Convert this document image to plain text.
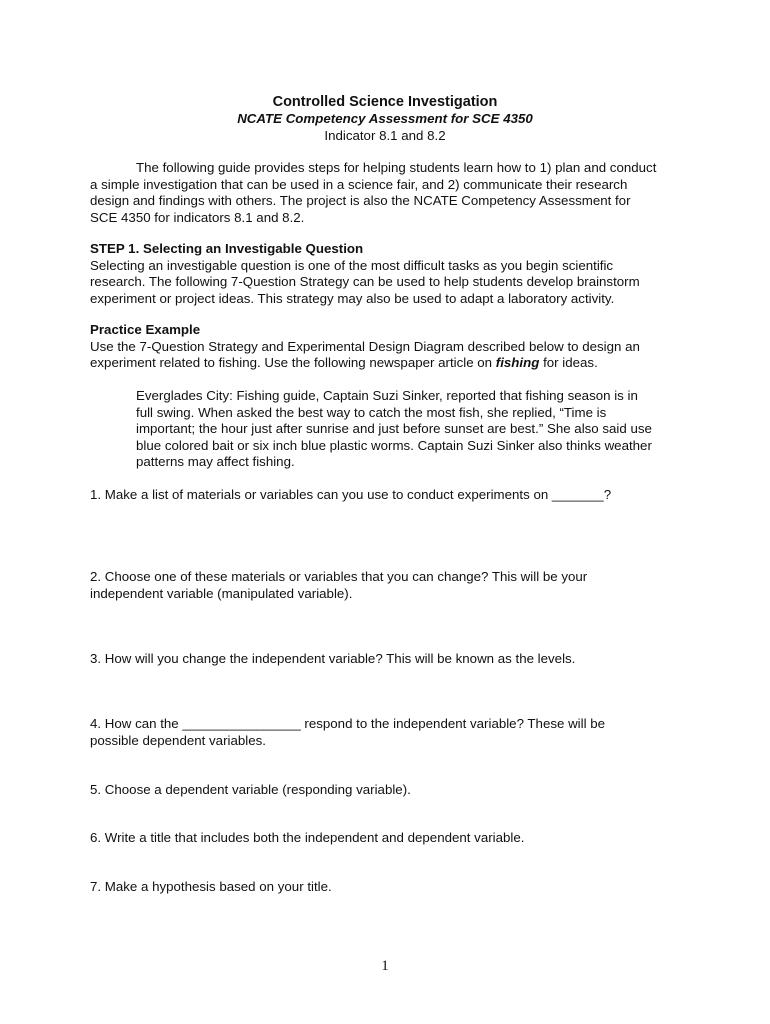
Controlled Science Investigation
NCATE Competency Assessment for SCE 4350
Indicator 8.1 and 8.2
The following guide provides steps for helping students learn how to 1) plan and conduct
a simple investigation that can be used in a science fair, and 2) communicate their research
design and findings with others. The project is also the NCATE Competency Assessment for
SCE 4350 for indicators 8.1 and 8.2.
STEP 1. Selecting an Investigable Question
Selecting an investigable question is one of the most difficult tasks as you begin scientific
research. The following 7-Question Strategy can be used to help students develop brainstorm
experiment or project ideas. This strategy may also be used to adapt a laboratory activity.
Practice Example
Use the 7-Question Strategy and Experimental Design Diagram described below to design an
experiment related to fishing. Use the following newspaper article on fishing for ideas.
Everglades City: Fishing guide, Captain Suzi Sinker, reported that fishing season is in
full swing. When asked the best way to catch the most fish, she replied, “Time is
important; the hour just after sunrise and just before sunset are best.” She also said use
blue colored bait or six inch blue plastic worms. Captain Suzi Sinker also thinks weather
patterns may affect fishing.
1. Make a list of materials or variables can you use to conduct experiments on _______?
2. Choose one of these materials or variables that you can change? This will be your
independent variable (manipulated variable).
3. How will you change the independent variable? This will be known as the levels.
4. How can the ________________ respond to the independent variable? These will be
possible dependent variables.
5. Choose a dependent variable (responding variable).
6. Write a title that includes both the independent and dependent variable.
7. Make a hypothesis based on your title.
1
